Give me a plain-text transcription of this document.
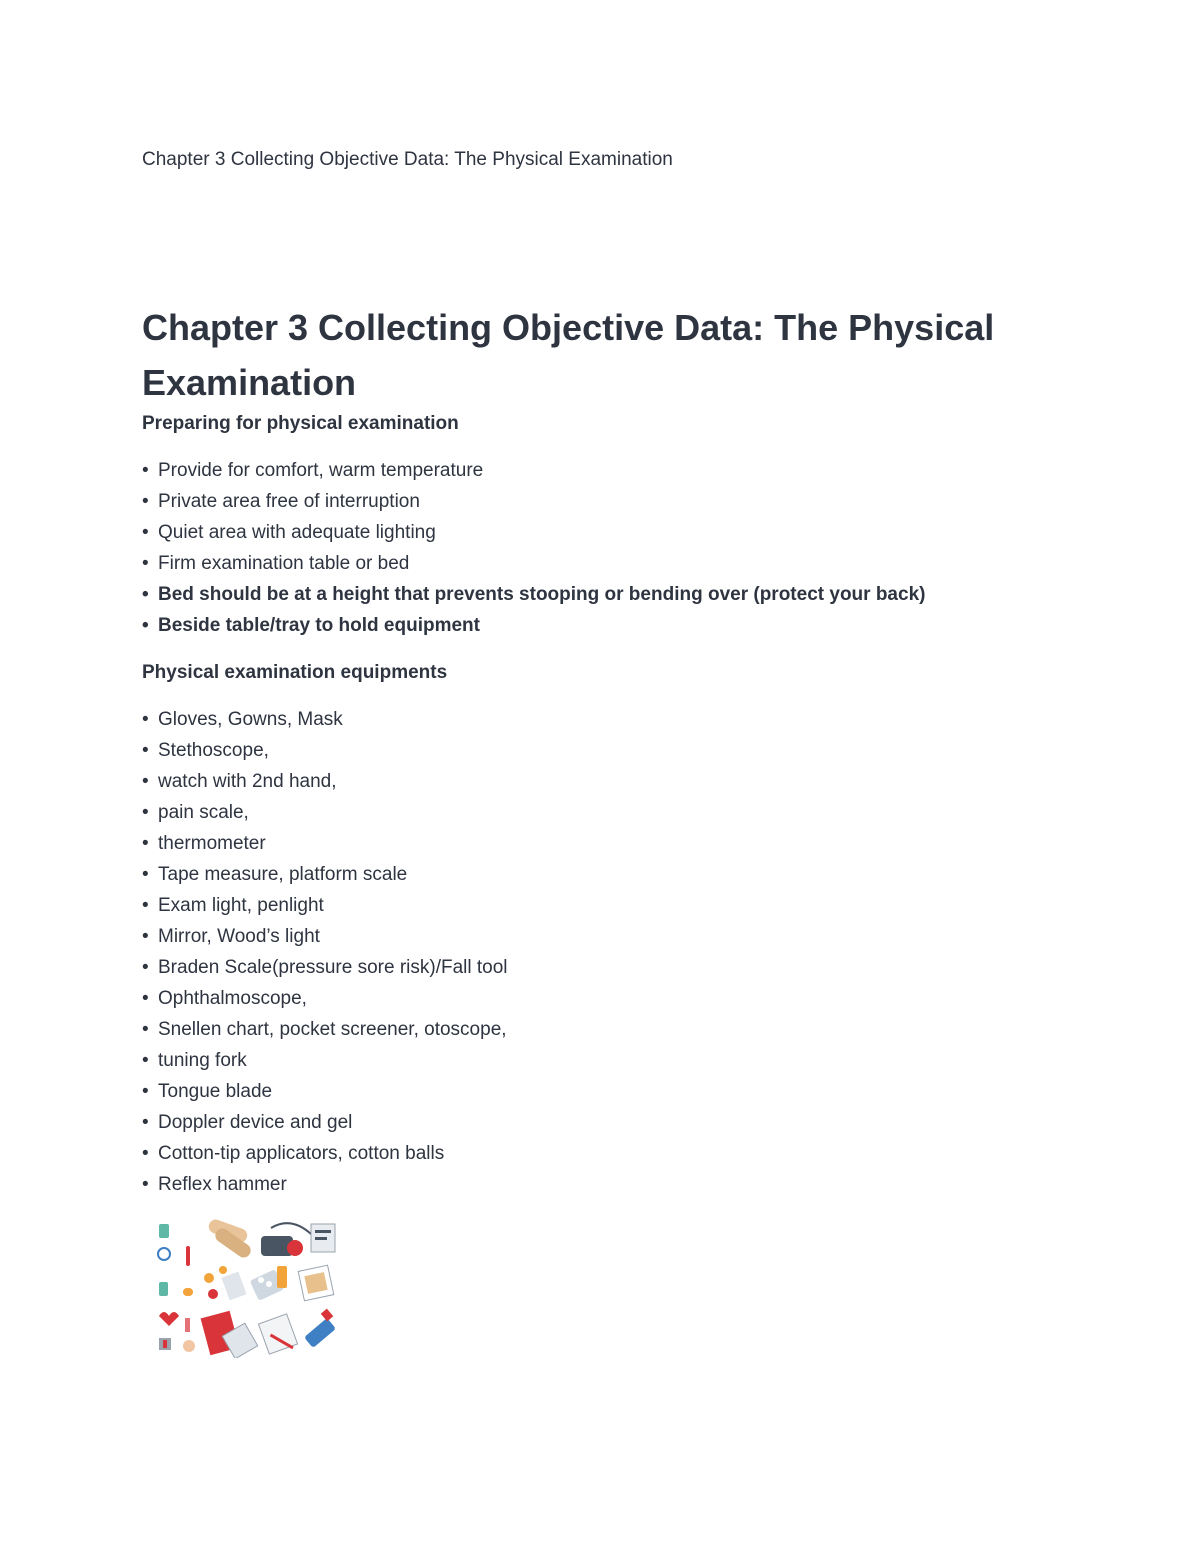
Chapter 3 Collecting Objective Data: The Physical Examination
Chapter 3 Collecting Objective Data: The Physical
Examination
Preparing for physical examination
• Provide for comfort, warm temperature
• Private area free of interruption
• Quiet area with adequate lighting
• Firm examination table or bed
• Bed should be at a height that prevents stooping or bending over (protect your back)
• Beside table/tray to hold equipment
Physical examination equipments
• Gloves, Gowns, Mask
• Stethoscope,
• watch with 2nd hand,
• pain scale,
• thermometer
• Tape measure, platform scale
• Exam light, penlight
• Mirror, Wood’s light
• Braden Scale(pressure sore risk)/Fall tool
• Ophthalmoscope,
• Snellen chart, pocket screener, otoscope,
• tuning fork
• Tongue blade
• Doppler device and gel
• Cotton-tip applicators, cotton balls
• Reflex hammer
